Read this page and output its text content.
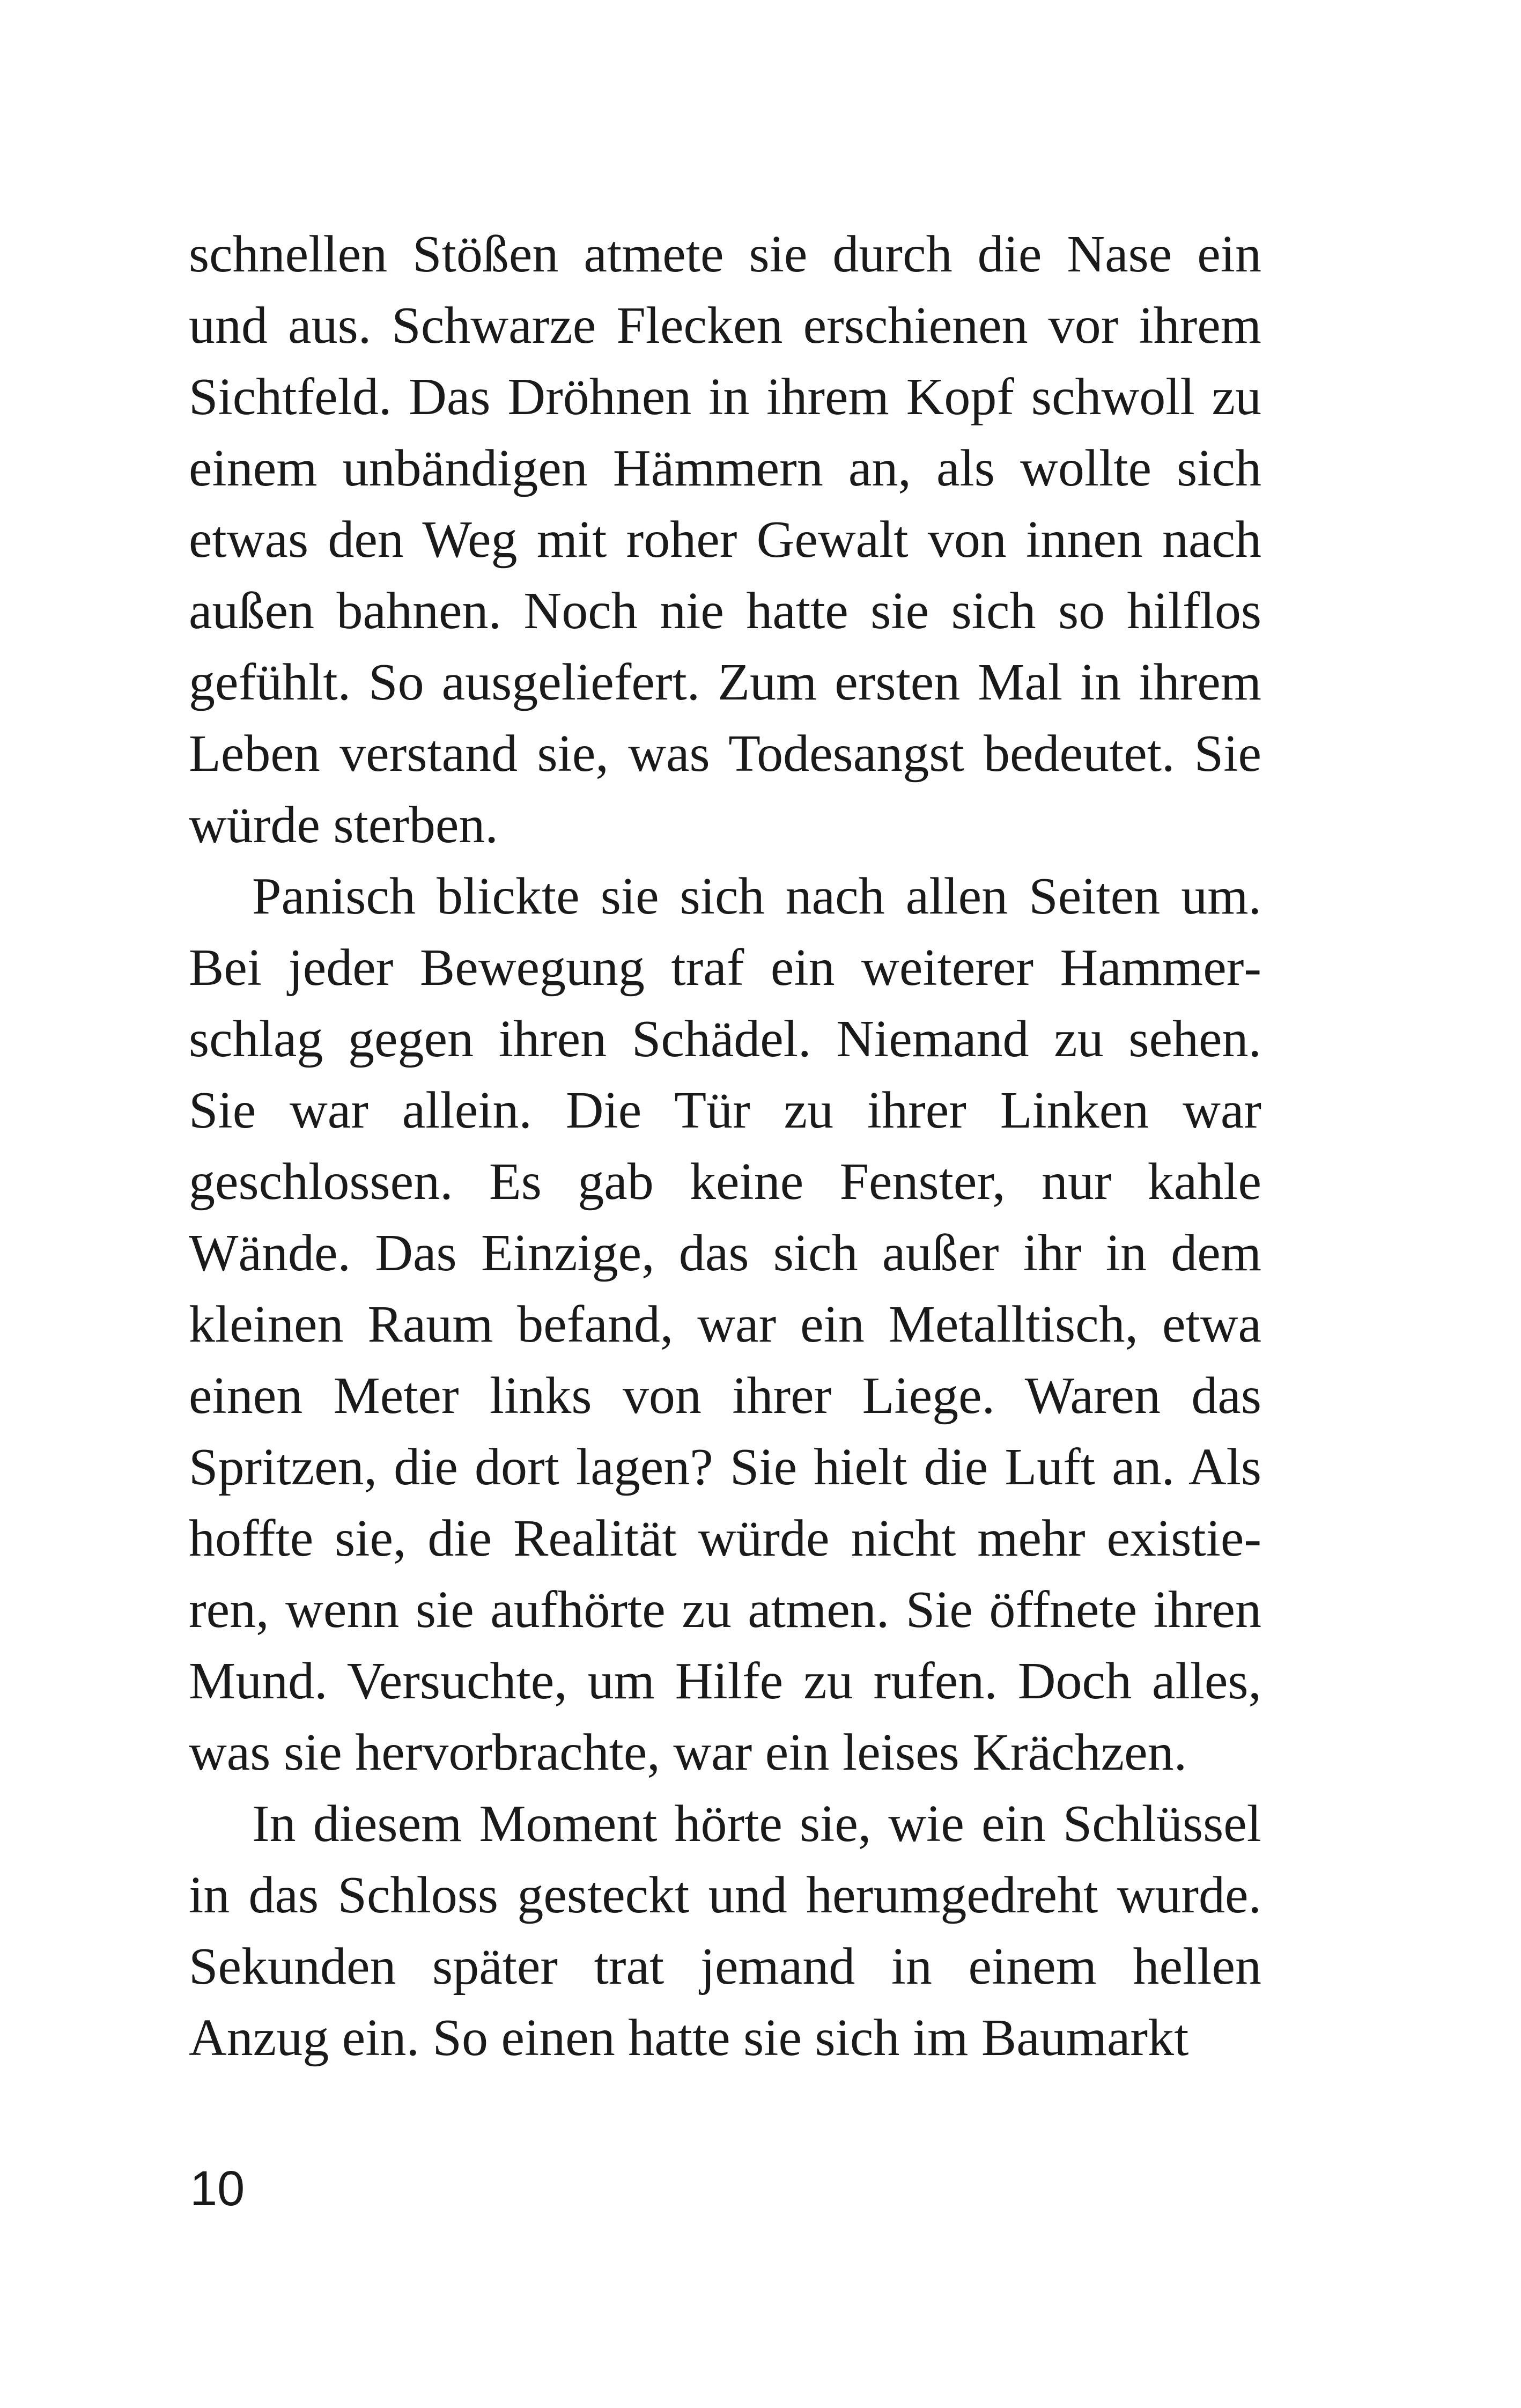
schnellen Stößen atmete sie durch die Nase ein und aus. Schwarze Flecken erschienen vor ihrem Sichtfeld. Das Dröhnen in ihrem Kopf schwoll zu einem unbändigen Hämmern an, als wollte sich etwas den Weg mit roher Gewalt von innen nach außen bahnen. Noch nie hatte sie sich so hilflos gefühlt. So ausgeliefert. Zum ersten Mal in ihrem Leben verstand sie, was Todesangst bedeutet. Sie würde sterben.

Panisch blickte sie sich nach allen Seiten um. Bei jeder Bewegung traf ein weiterer Hammerschlag gegen ihren Schädel. Niemand zu sehen. Sie war allein. Die Tür zu ihrer Linken war geschlossen. Es gab keine Fenster, nur kahle Wände. Das Einzige, das sich außer ihr in dem kleinen Raum befand, war ein Metalltisch, etwa einen Meter links von ihrer Liege. Waren das Spritzen, die dort lagen? Sie hielt die Luft an. Als hoffte sie, die Realität würde nicht mehr existieren, wenn sie aufhörte zu atmen. Sie öffnete ihren Mund. Versuchte, um Hilfe zu rufen. Doch alles, was sie hervorbrachte, war ein leises Krächzen.

In diesem Moment hörte sie, wie ein Schlüssel in das Schloss gesteckt und herumgedreht wurde. Sekunden später trat jemand in einem hellen Anzug ein. So einen hatte sie sich im Baumarkt

10
